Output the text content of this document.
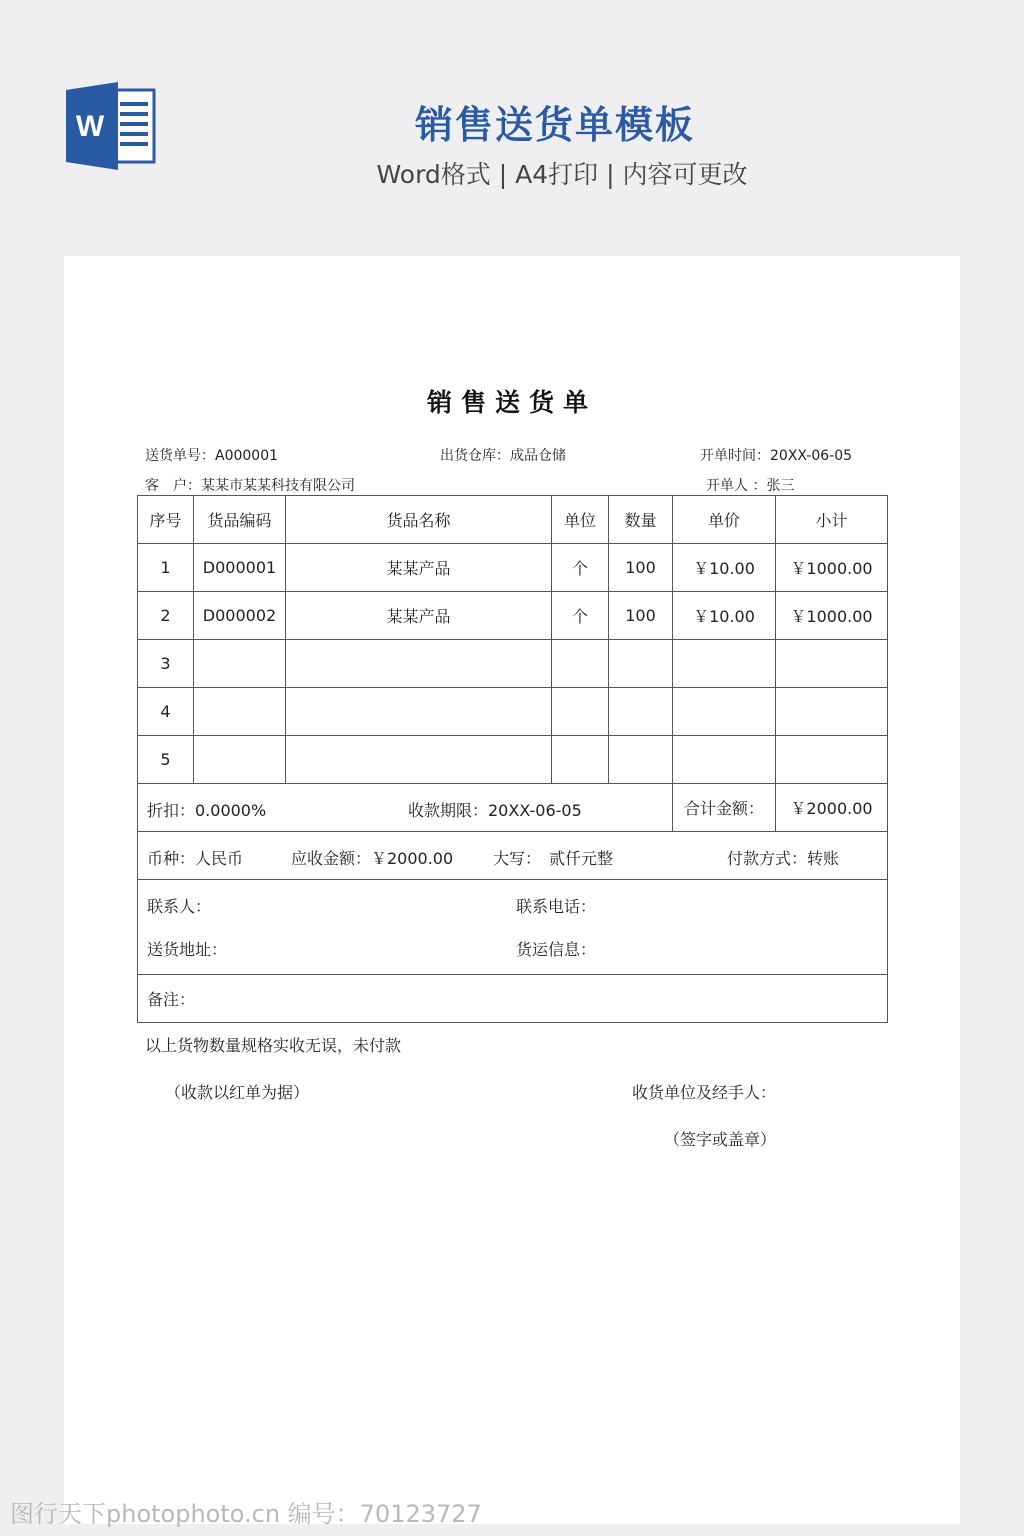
W	销售送货单模板
Word格式 | A4打印 | 内容可更改
销售送货单
送货单号：A000001	出货仓库：成品仓储	开单时间：20XX-06-05
客　户：某某市某某科技有限公司	开单人 ：张三
序号	货品编码	货品名称	单位	数量	单价	小计
1	D000001	某某产品	个	100	￥10.00	￥1000.00
2	D000002	某某产品	个	100	￥10.00	￥1000.00
3						
4						
5						

折扣：0.0000% 收款期限：20XX-06-05					合计金额：	￥2000.00

币种：人民币 应收金额：￥2000.00 大写：　贰仟元整 付款方式：转账						

联系人： 联系电话：
送货地址： 货运信息：						

备注：						
以上货物数量规格实收无误，未付款
（收款以红单为据）	收货单位及经手人：
（签字或盖章）
图行天下photophoto.cn 编号：70123727
